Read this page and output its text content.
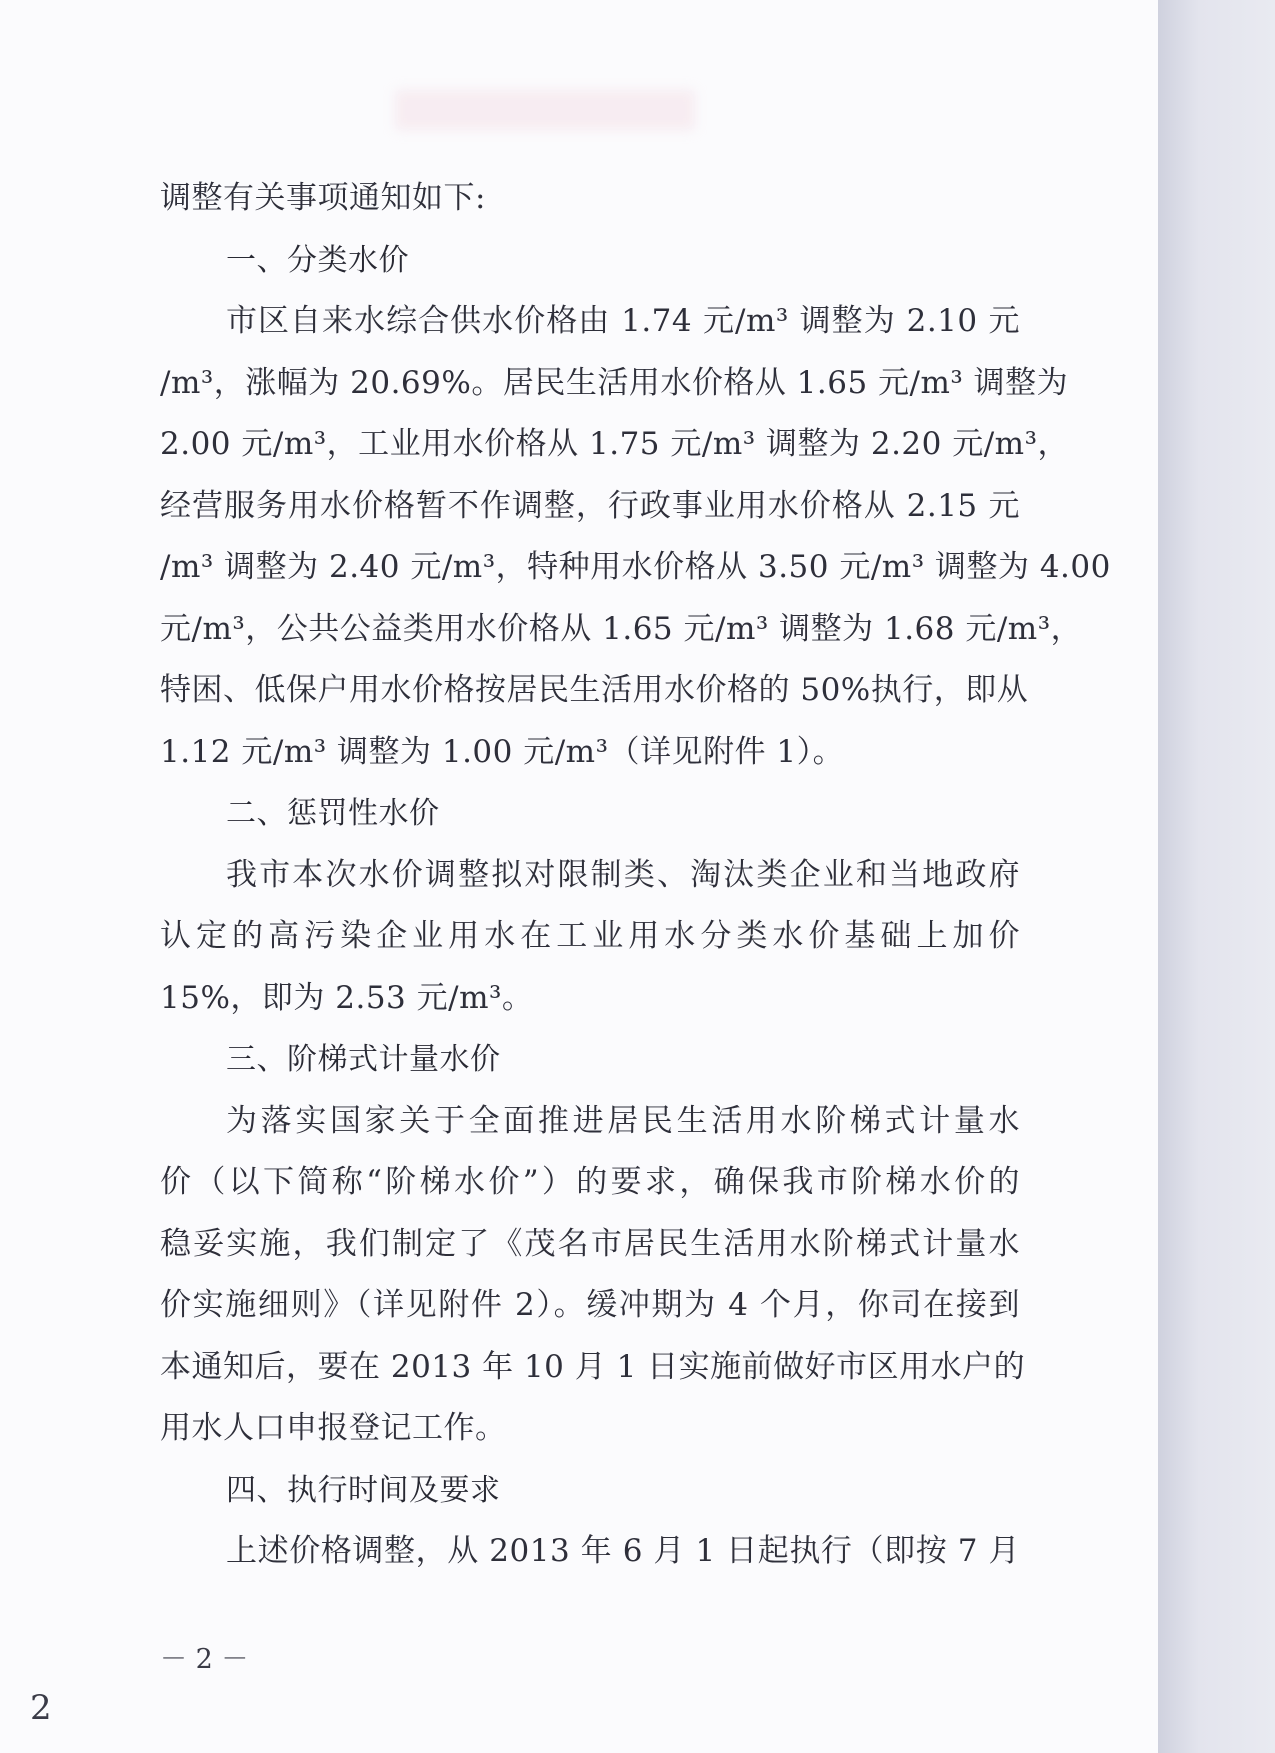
调整有关事项通知如下:
一、分类水价
市区自来水综合供水价格由 1.74 元/m³ 调整为 2.10 元
/m³，涨幅为 20.69%。居民生活用水价格从 1.65 元/m³ 调整为
2.00 元/m³，工业用水价格从 1.75 元/m³ 调整为 2.20 元/m³，
经营服务用水价格暂不作调整，行政事业用水价格从 2.15 元
/m³ 调整为 2.40 元/m³，特种用水价格从 3.50 元/m³ 调整为 4.00
元/m³，公共公益类用水价格从 1.65 元/m³ 调整为 1.68 元/m³，
特困、低保户用水价格按居民生活用水价格的 50%执行，即从
1.12 元/m³ 调整为 1.00 元/m³（详见附件 1）。
二、惩罚性水价
我市本次水价调整拟对限制类、淘汰类企业和当地政府
认定的高污染企业用水在工业用水分类水价基础上加价
15%，即为 2.53 元/m³。
三、阶梯式计量水价
为落实国家关于全面推进居民生活用水阶梯式计量水
价（以下简称“阶梯水价”）的要求，确保我市阶梯水价的
稳妥实施，我们制定了《茂名市居民生活用水阶梯式计量水
价实施细则》（详见附件 2）。缓冲期为 4 个月，你司在接到
本通知后，要在 2013 年 10 月 1 日实施前做好市区用水户的
用水人口申报登记工作。
四、执行时间及要求
上述价格调整，从 2013 年 6 月 1 日起执行（即按 7 月
－ 2 －
2
